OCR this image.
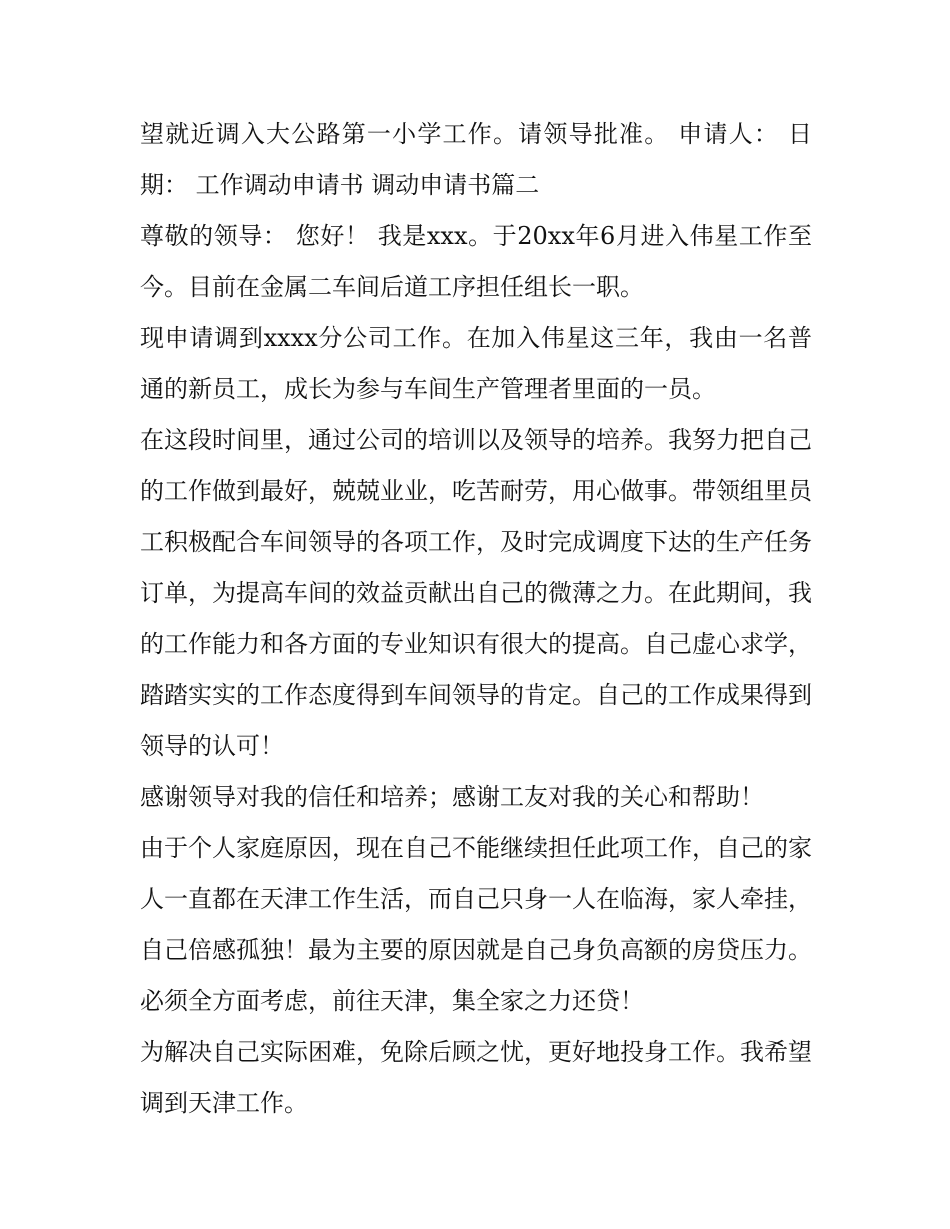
望就近调入大公路第一小学工作。请领导批准。 申请人： 日期： 工作调动申请书 调动申请书篇二

尊敬的领导： 您好！ 我是xxx。于20xx年6月进入伟星工作至今。目前在金属二车间后道工序担任组长一职。

现申请调到xxxx分公司工作。在加入伟星这三年，我由一名普通的新员工，成长为参与车间生产管理者里面的一员。

在这段时间里，通过公司的培训以及领导的培养。我努力把自己的工作做到最好，兢兢业业，吃苦耐劳，用心做事。带领组里员工积极配合车间领导的各项工作，及时完成调度下达的生产任务订单，为提高车间的效益贡献出自己的微薄之力。在此期间，我的工作能力和各方面的专业知识有很大的提高。自己虚心求学，踏踏实实的工作态度得到车间领导的肯定。自己的工作成果得到领导的认可！

感谢领导对我的信任和培养；感谢工友对我的关心和帮助！

由于个人家庭原因，现在自己不能继续担任此项工作，自己的家人一直都在天津工作生活，而自己只身一人在临海，家人牵挂，自己倍感孤独！最为主要的原因就是自己身负高额的房贷压力。必须全方面考虑，前往天津，集全家之力还贷！

为解决自己实际困难，免除后顾之忧，更好地投身工作。我希望调到天津工作。
